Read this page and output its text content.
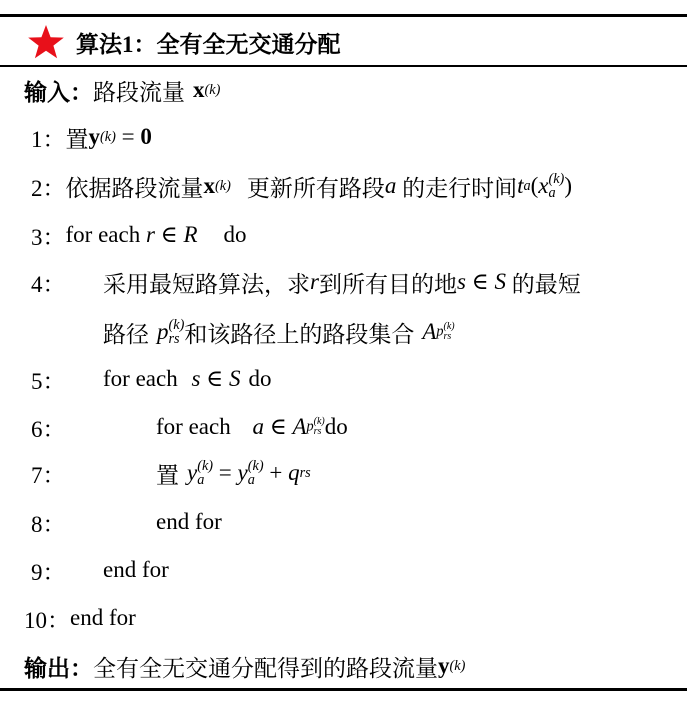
算法1：全有全无交通分配
输入： 路段流量 x (k)
1： 置 y (k) = 0
2： 依据路段流量 x (k) 更新所有路段 a 的走行时间 t a ( x (k)
a )
3： for each r ∈ R do
4：	采用最短路算法，求 r 到所有目的地 s ∈ S 的最短
路径 p (k)
rs 和该路径上的路段集合 A p (k)
rs
5：	for each s ∈ S do
6：	for each a ∈ A p (k)
rs do
7：	置 y (k)
a = y (k)
a + q rs
8：	end for
9：	end for
10： end for
输出： 全有全无交通分配得到的路段流量 y (k)
